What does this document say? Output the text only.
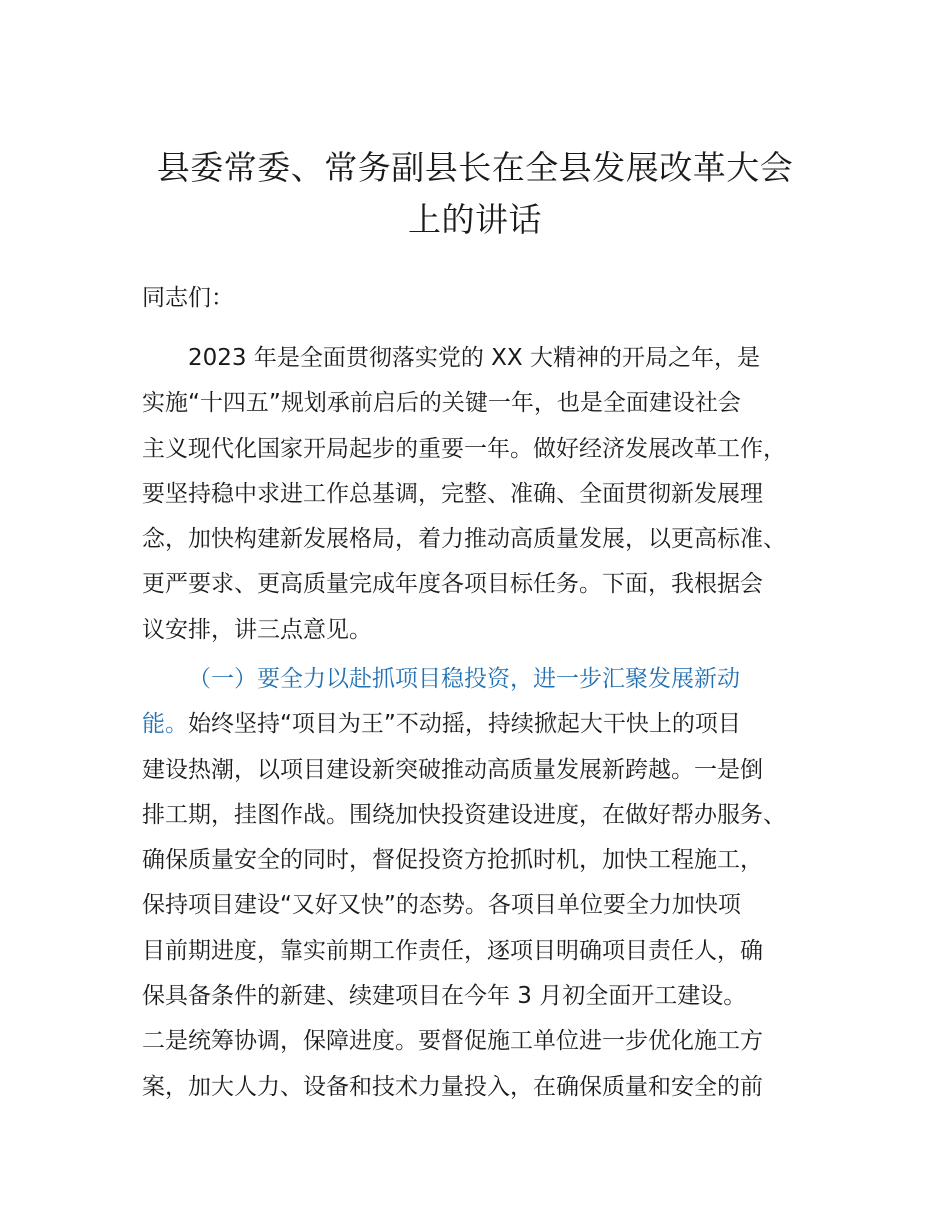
县委常委、常务副县长在全县发展改革大会
上的讲话

同志们：

2023 年是全面贯彻落实党的 XX 大精神的开局之年，是
实施“十四五”规划承前启后的关键一年，也是全面建设社会
主义现代化国家开局起步的重要一年。做好经济发展改革工作，
要坚持稳中求进工作总基调，完整、准确、全面贯彻新发展理
念，加快构建新发展格局，着力推动高质量发展，以更高标准、
更严要求、更高质量完成年度各项目标任务。下面，我根据会
议安排，讲三点意见。
（一）要全力以赴抓项目稳投资，进一步汇聚发展新动
能。始终坚持“项目为王”不动摇，持续掀起大干快上的项目
建设热潮，以项目建设新突破推动高质量发展新跨越。一是倒
排工期，挂图作战。围绕加快投资建设进度，在做好帮办服务、
确保质量安全的同时，督促投资方抢抓时机，加快工程施工，
保持项目建设“又好又快”的态势。各项目单位要全力加快项
目前期进度，靠实前期工作责任，逐项目明确项目责任人，确
保具备条件的新建、续建项目在今年 3 月初全面开工建设。
二是统筹协调，保障进度。要督促施工单位进一步优化施工方
案，加大人力、设备和技术力量投入，在确保质量和安全的前
